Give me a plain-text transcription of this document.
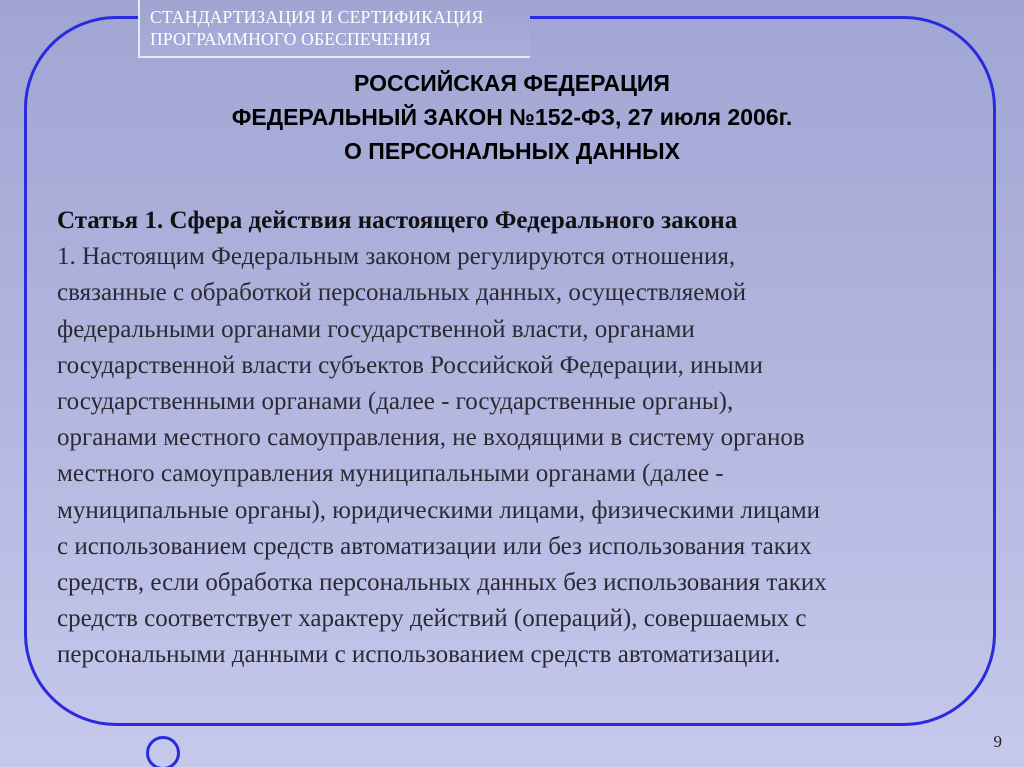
СТАНДАРТИЗАЦИЯ И СЕРТИФИКАЦИЯ
ПРОГРАММНОГО ОБЕСПЕЧЕНИЯ
РОССИЙСКАЯ ФЕДЕРАЦИЯ
ФЕДЕРАЛЬНЫЙ ЗАКОН №152-ФЗ, 27 июля 2006г.
О ПЕРСОНАЛЬНЫХ ДАННЫХ
Статья 1. Сфера действия настоящего Федерального закона
1. Настоящим Федеральным законом регулируются отношения,
связанные с обработкой персональных данных, осуществляемой
федеральными органами государственной власти, органами
государственной власти субъектов Российской Федерации, иными
государственными органами (далее - государственные органы),
органами местного самоуправления, не входящими в систему органов
местного самоуправления муниципальными органами (далее -
муниципальные органы), юридическими лицами, физическими лицами
с использованием средств автоматизации или без использования таких
средств, если обработка персональных данных без использования таких
средств соответствует характеру действий (операций), совершаемых с
персональными данными с использованием средств автоматизации.
9
